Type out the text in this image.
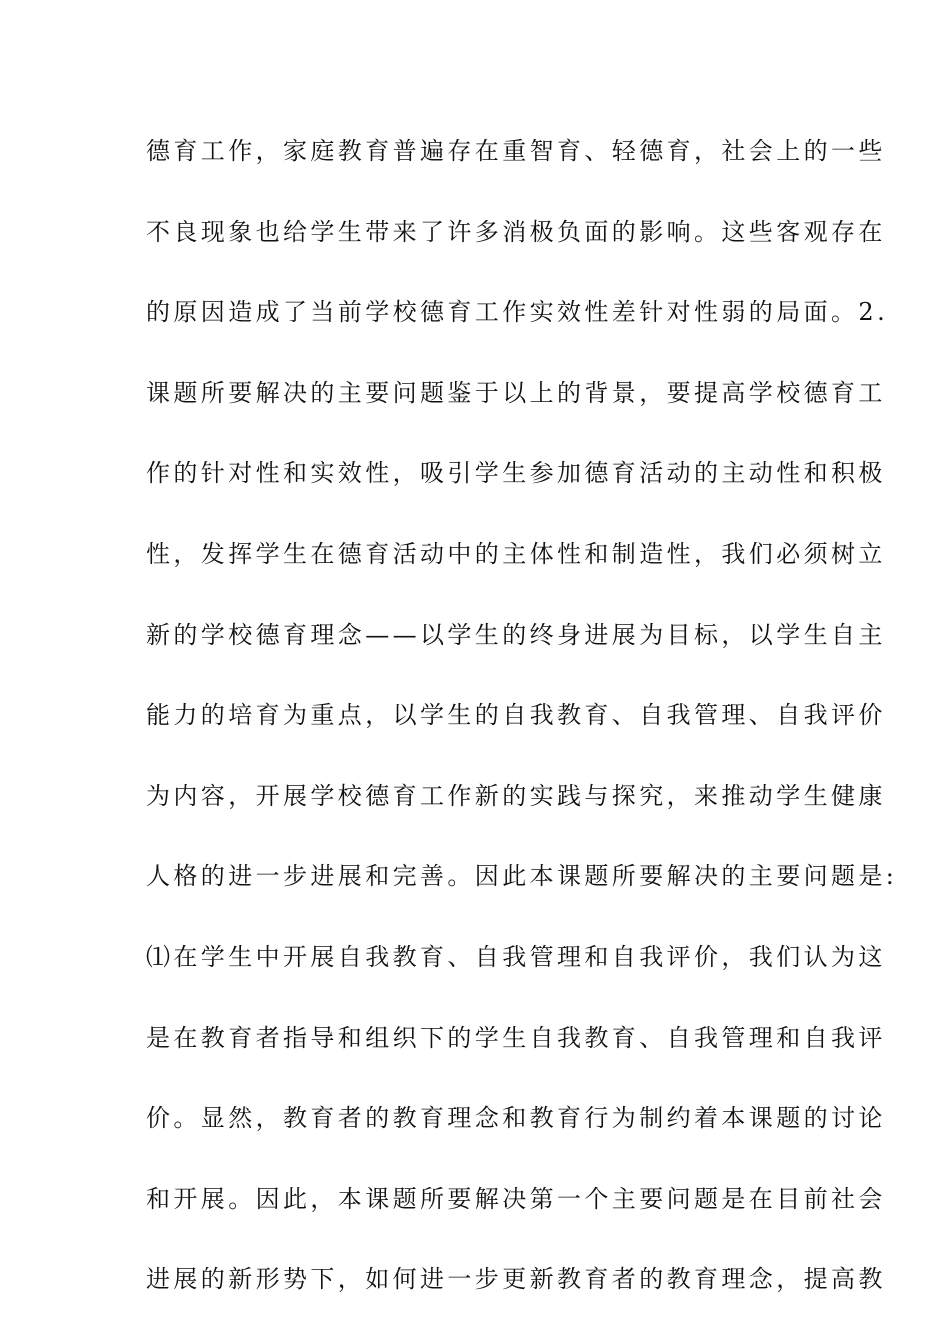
德育工作，家庭教育普遍存在重智育、轻德育，社会上的一些
不良现象也给学生带来了许多消极负面的影响。这些客观存在
的原因造成了当前学校德育工作实效性差针对性弱的局面。2.
课题所要解决的主要问题鉴于以上的背景，要提高学校德育工
作的针对性和实效性，吸引学生参加德育活动的主动性和积极
性，发挥学生在德育活动中的主体性和制造性，我们必须树立
新的学校德育理念——以学生的终身进展为目标，以学生自主
能力的培育为重点，以学生的自我教育、自我管理、自我评价
为内容，开展学校德育工作新的实践与探究，来推动学生健康
人格的进一步进展和完善。因此本课题所要解决的主要问题是:
⑴在学生中开展自我教育、自我管理和自我评价，我们认为这
是在教育者指导和组织下的学生自我教育、自我管理和自我评
价。显然，教育者的教育理念和教育行为制约着本课题的讨论
和开展。因此，本课题所要解决第一个主要问题是在目前社会
进展的新形势下，如何进一步更新教育者的教育理念，提高教
